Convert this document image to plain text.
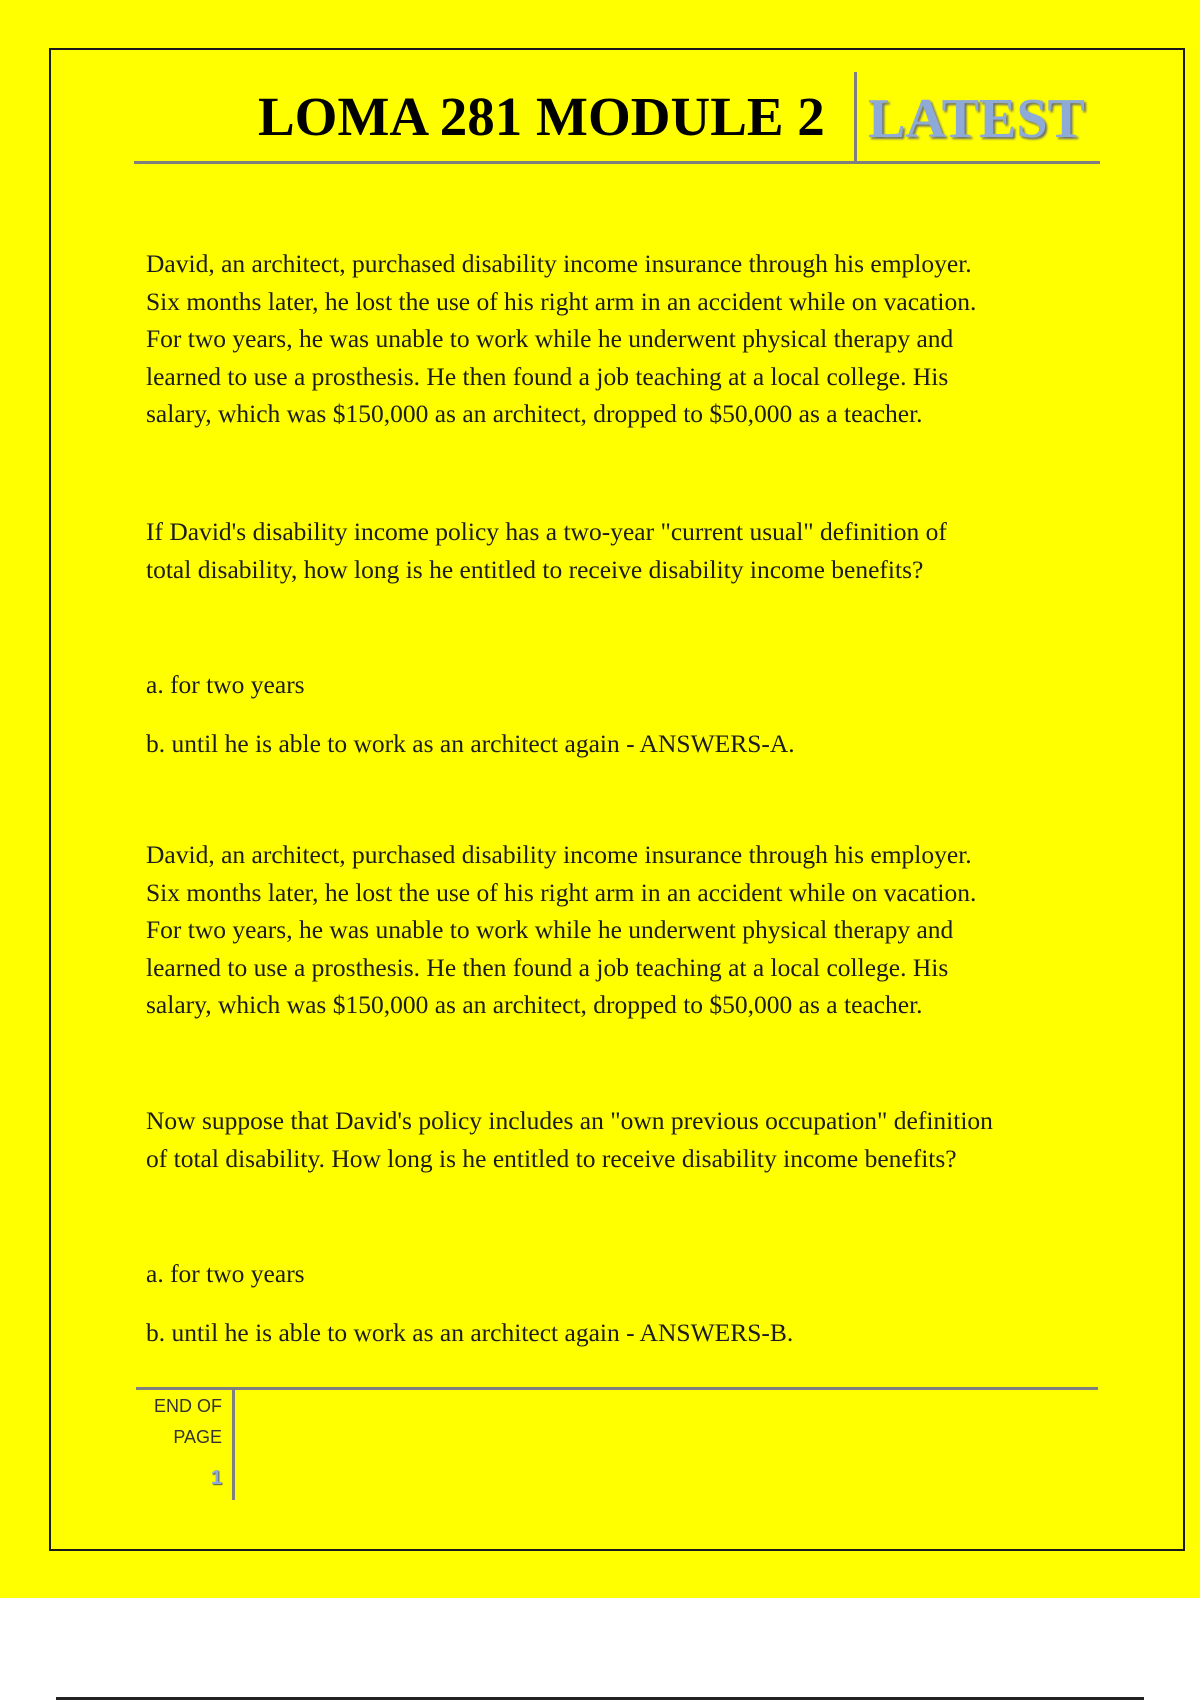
LOMA 281 MODULE 2 LATEST

David, an architect, purchased disability income insurance through his employer.
Six months later, he lost the use of his right arm in an accident while on vacation.
For two years, he was unable to work while he underwent physical therapy and
learned to use a prosthesis. He then found a job teaching at a local college. His
salary, which was $150,000 as an architect, dropped to $50,000 as a teacher.

If David's disability income policy has a two-year "current usual" definition of
total disability, how long is he entitled to receive disability income benefits?

a. for two years

b. until he is able to work as an architect again - ANSWERS-A.

David, an architect, purchased disability income insurance through his employer.
Six months later, he lost the use of his right arm in an accident while on vacation.
For two years, he was unable to work while he underwent physical therapy and
learned to use a prosthesis. He then found a job teaching at a local college. His
salary, which was $150,000 as an architect, dropped to $50,000 as a teacher.

Now suppose that David's policy includes an "own previous occupation" definition
of total disability. How long is he entitled to receive disability income benefits?

a. for two years

b. until he is able to work as an architect again - ANSWERS-B.

END OF
PAGE
1
